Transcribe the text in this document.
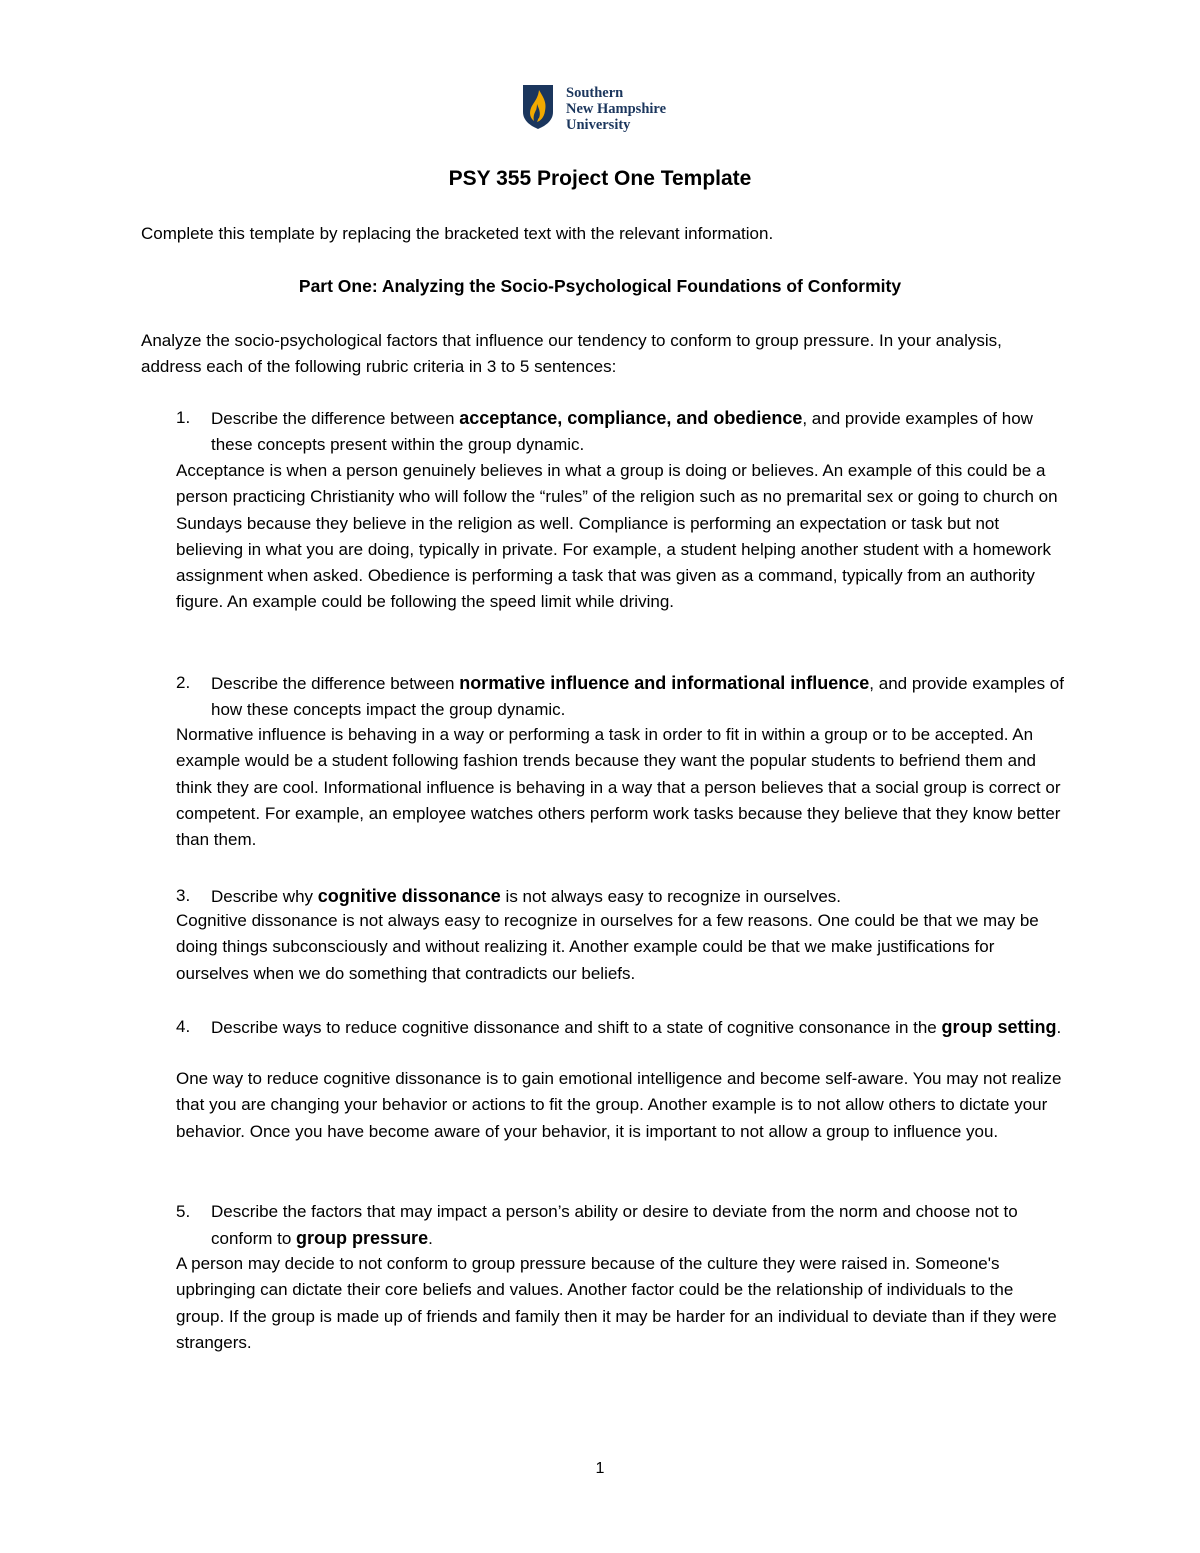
Southern
New Hampshire
University
PSY 355 Project One Template
Complete this template by replacing the bracketed text with the relevant information.
Part One: Analyzing the Socio-Psychological Foundations of Conformity
Analyze the socio-psychological factors that influence our tendency to conform to group pressure. In your analysis, address each of the following rubric criteria in 3 to 5 sentences:
1.	Describe the difference between acceptance, compliance, and obedience, and provide examples of how these concepts present within the group dynamic.
Acceptance is when a person genuinely believes in what a group is doing or believes. An example of this could be a person practicing Christianity who will follow the “rules” of the religion such as no premarital sex or going to church on Sundays because they believe in the religion as well. Compliance is performing an expectation or task but not believing in what you are doing, typically in private. For example, a student helping another student with a homework assignment when asked. Obedience is performing a task that was given as a command, typically from an authority figure. An example could be following the speed limit while driving.
2.	Describe the difference between normative influence and informational influence, and provide examples of how these concepts impact the group dynamic.
Normative influence is behaving in a way or performing a task in order to fit in within a group or to be accepted. An example would be a student following fashion trends because they want the popular students to befriend them and think they are cool. Informational influence is behaving in a way that a person believes that a social group is correct or competent. For example, an employee watches others perform work tasks because they believe that they know better than them.
3.	Describe why cognitive dissonance is not always easy to recognize in ourselves.
Cognitive dissonance is not always easy to recognize in ourselves for a few reasons. One could be that we may be doing things subconsciously and without realizing it. Another example could be that we make justifications for ourselves when we do something that contradicts our beliefs.
4.	Describe ways to reduce cognitive dissonance and shift to a state of cognitive consonance in the group setting.
One way to reduce cognitive dissonance is to gain emotional intelligence and become self-aware. You may not realize that you are changing your behavior or actions to fit the group. Another example is to not allow others to dictate your behavior. Once you have become aware of your behavior, it is important to not allow a group to influence you.
5.	Describe the factors that may impact a person’s ability or desire to deviate from the norm and choose not to conform to group pressure.
A person may decide to not conform to group pressure because of the culture they were raised in. Someone's upbringing can dictate their core beliefs and values. Another factor could be the relationship of individuals to the group. If the group is made up of friends and family then it may be harder for an individual to deviate than if they were strangers.
1
